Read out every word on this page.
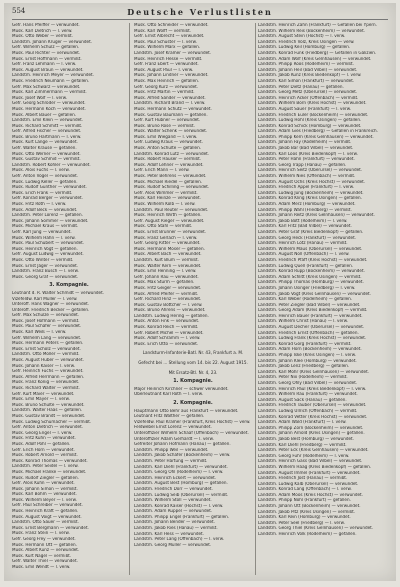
554	Deutsche Verlustlisten
Gefr. Hans Pfeiffer — verwundet.
Musk. Karl Dietrich — l. verw.
Musk. Otto Weber — vermißt.
Landstm. Johann Krüger — verwundet.
Gefr. Wilhelm Schulz — gefallen.
Musk. Paul Richter — verwundet.
Musk. Ernst Hoffmann — vermißt.
Gefr. Franz Lehmann — l. verw.
Musk. August Braun — verwundet.
Landstm. Heinrich Meyer — verwundet.
Musk. Friedrich Neumann — gefallen.
Gefr. Max Schwarz — verwundet.
Musk. Karl Zimmermann — vermißt.
Musk. Josef Wolf — l. verw.
Gefr. Georg Schröder — verwundet.
Musk. Hermann Koch — verwundet.
Musk. Albert Bauer — gefallen.
Landstm. Emil Klein — verwundet.
Musk. Richard Schmitt — vermißt.
Gefr. Alfred Fischer — verwundet.
Musk. Bruno Hartmann — l. verw.
Musk. Kurt Lange — verwundet.
Gefr. Walter Krause — gefallen.
Musk. Otto Werner — verwundet.
Musk. Gustav Schmid — vermißt.
Landstm. Robert Köhler — verwundet.
Musk. Alois Fuchs — l. verw.
Gefr. Anton Vogel — verwundet.
Musk. Ludwig Keller — gefallen.
Musk. Rudolf Günther — verwundet.
Musk. Erich Frank — vermißt.
Gefr. Konrad Berger — verwundet.
Musk. Fritz Roth — l. verw.
Musk. Adolf Beck — verwundet.
Landstm. Peter Lorenz — gefallen.
Musk. Johann Sommer — verwundet.
Musk. Michael Kraus — vermißt.
Gefr. Karl Jung — verwundet.
Musk. Wilhelm Hahn — l. verw.
Musk. Paul Schubert — verwundet.
Musk. Heinrich Vogt — gefallen.
Gefr. August Ludwig — verwundet.
Musk. Otto Winter — vermißt.
Musk. Ernst Jäger — verwundet.
Landstm. Franz Busch — l. verw.
Musk. Georg Graf — verwundet.
3. Kompagnie.
Leutnant d. R. Walter Schmidt — verwundet.
Vizefeldw. Karl Müller — l. verw.
Unteroff. Hans Wagner — verwundet.
Unteroff. Friedrich Becker — gefallen.
Gefr. Max Schulze — verwundet.
Musk. Josef Hofmann — vermißt.
Musk. Paul Schäfer — verwundet.
Musk. Karl Weiß — l. verw.
Gefr. Wilhelm Lang — verwundet.
Musk. Hermann Peters — gefallen.
Musk. Ernst Scholz — verwundet.
Landstm. Otto Möller — vermißt.
Musk. August Huber — verwundet.
Musk. Johann Kaiser — l. verw.
Gefr. Heinrich Fuchs — verwundet.
Musk. Alfred Herrmann — gefallen.
Musk. Franz König — verwundet.
Musk. Richard Walter — vermißt.
Gefr. Kurt Maier — verwundet.
Musk. Emil Mayer — l. verw.
Musk. Bruno Schulte — verwundet.
Landstm. Walter Haas — gefallen.
Musk. Gustav Brandt — verwundet.
Musk. Ludwig Schumacher — vermißt.
Gefr. Anton Dietrich — verwundet.
Musk. Georg Engel — l. verw.
Musk. Fritz Kühn — verwundet.
Musk. Adolf Pohl — gefallen.
Gefr. Erich Horn — verwundet.
Musk. Robert Arnold — vermißt.
Musk. Konrad Thomas — verwundet.
Landstm. Peter Seidel — l. verw.
Musk. Michael Franke — verwundet.
Musk. Rudolf Ziegler — gefallen.
Gefr. Alois Kuhn — verwundet.
Musk. Johann Simon — vermißt.
Musk. Karl Böhm — verwundet.
Musk. Wilhelm Beyer — l. verw.
Gefr. Paul Schreiber — verwundet.
Musk. Heinrich Kraft — gefallen.
Musk. August Voigt — verwundet.
Landstm. Otto Sauer — vermißt.
Musk. Ernst Bergmann — verwundet.
Musk. Franz Stein — l. verw.
Gefr. Georg Frey — verwundet.
Musk. Hermann Ott — gefallen.
Musk. Albert Kunz — verwundet.
Musk. Kurt Nagel — vermißt.
Gefr. Walter Thiel — verwundet.
Musk. Emil Wendt — l. verw.
Musk. Otto Schneider — verwundet.
Musk. Karl Wolff — vermißt.
Gefr. Ernst Albrecht — verwundet.
Musk. Paul Schuster — l. verw.
Musk. Wilhelm Marx — gefallen.
Landstm. Josef Kramer — verwundet.
Musk. Heinrich Hesse — vermißt.
Gefr. Franz Ebert — verwundet.
Musk. August Paul — l. verw.
Musk. Johann Lindner — verwundet.
Musk. Max Heinrich — gefallen.
Gefr. Georg Kurz — verwundet.
Musk. Fritz Martin — vermißt.
Musk. Alfred Sander — verwundet.
Landstm. Richard Brand — l. verw.
Musk. Hermann Schütz — verwundet.
Musk. Gustav Baumann — gefallen.
Gefr. Kurt Hübner — verwundet.
Musk. Bruno Rose — vermißt.
Musk. Walter Schenk — verwundet.
Musk. Emil Wiegand — l. verw.
Gefr. Ludwig Kraus — verwundet.
Musk. Anton Schulte — gefallen.
Landstm. Konrad Lutz — verwundet.
Musk. Robert Hauser — vermißt.
Musk. Adolf Lehner — verwundet.
Gefr. Erich Mann — l. verw.
Musk. Peter Behrens — verwundet.
Musk. Michael Riedel — gefallen.
Musk. Rudolf Schilling — verwundet.
Gefr. Alois Wimmer — vermißt.
Musk. Karl Heinze — verwundet.
Musk. Wilhelm Kolb — l. verw.
Landstm. Paul Reuter — verwundet.
Musk. Heinrich Wirth — gefallen.
Gefr. August Rieger — verwundet.
Musk. Otto Stahl — vermißt.
Musk. Ernst Brunner — verwundet.
Musk. Franz Gerlach — l. verw.
Gefr. Georg Ritter — verwundet.
Musk. Hermann Moser — gefallen.
Musk. Albert Bach — verwundet.
Landstm. Kurt Blum — vermißt.
Musk. Walter Kern — verwundet.
Musk. Emil Henning — l. verw.
Gefr. Johann Rau — verwundet.
Musk. Max Sturm — gefallen.
Musk. Fritz Geiger — verwundet.
Musk. Alfred Pfeifer — vermißt.
Gefr. Richard Hinz — verwundet.
Musk. Gustav Böttcher — l. verw.
Musk. Bruno Ahrens — verwundet.
Landstm. Ludwig Hering — gefallen.
Musk. Anton Fink — verwundet.
Musk. Konrad Reich — vermißt.
Gefr. Robert Michel — verwundet.
Musk. Adolf Schramm — l. verw.
Musk. Erich Otto — verwundet.
Landsturm-Infanterie-Batl. Nr. 43, Frankfurt a. M.
Gefecht bei ... Stellung vom 14. bis 22. August 1915.
Mit Ersatz-Btl. Nr. 4, 23.
1. Kompagnie.
Major Heinrich Kirchner — schwer verwundet.
Oberleutnant Karl Roth — l. verw.
2. Kompagnie.
Hauptmann Otto Behr aus Frankfurt — verwundet.
Leutnant Fritz Walther — gefallen.
Vizefeldw. Paul Krämer (Frankfurt, Kreis Höchst) — verw.
Feldwebel Ernst Lorenz — verwundet.
Unteroffizier Wilhelm Schaaf (Offenbach) — verwundet.
Unteroffizier Adam Gerhardt — l. verw.
Gefreiter Johann Hofmann (Hanau) — gefallen.
Landstm. Philipp Weil — verwundet.
Landstm. Jakob Schäfer (Bockenheim) — verw.
Landstm. Peter Hartung — vermißt.
Landstm. Karl Diehl (Frankfurt) — verwundet.
Landstm. Georg Ohl (Rödelheim) — l. verw.
Landstm. Heinrich Eckert — verwundet.
Landstm. August Best (Homburg) — gefallen.
Landstm. Friedrich Dörr — verwundet.
Landstm. Ludwig Seib (Oberursel) — vermißt.
Landstm. Wilhelm Stoll — verwundet.
Landstm. Konrad Kaiser (Höchst) — l. verw.
Landstm. Adam Ruppel — verwundet.
Landstm. Philipp Engel (Frankfurt) — gefallen.
Landstm. Johann Bender — verwundet.
Landstm. Jakob Ries (Hanau) — vermißt.
Landstm. Karl Hess — verwundet.
Landstm. Peter Lang (Offenbach) — l. verw.
Landstm. Georg Müller — verwundet.
Landstm. Heinrich Zahn (Frankfurt) — Gefallen bei Ypern.
Landstm. Wilhelm Reis (Bockenheim) — verwundet.
Landstm. August Stein (Höchst) — l. verw.
Landstm. Friedrich Volz, Kreis Usingen — verw.
Landstm. Ludwig Keil (Homburg) — gefallen.
Landstm. Konrad Funk (Friedberg) — Gefallen in Galizien.
Landstm. Adam Wolf (Kreis Gelnhausen) — verwundet.
Landstm. Philipp Roos (Rödelheim) — vermißt.
Landstm. Johann Heil (Bad Vilbel) — verwundet.
Landstm. Jakob Kunz (Kreis Biedenkopf) — l. verw.
Landstm. Karl Simon (Frankfurt) — verwundet.
Landstm. Peter Dietz (Hanau) — gefallen.
Landstm. Georg Metz (Oberursel) — verwundet.
Landstm. Heinrich Acker (Offenbach) — vermißt.
Landstm. Wilhelm Born (Kreis Höchst) — verwundet.
Landstm. August Sauer (Frankfurt) — l. verw.
Landstm. Friedrich Euler (Bockenheim) — verwundet.
Landstm. Ludwig Hohl (Kreis Usingen) — gefallen.
Landstm. Konrad Schick (Homburg) — verwundet.
Landstm. Adam Gies (Friedberg) — Gefallen in Frankreich.
Landstm. Philipp Kern (Kreis Gelnhausen) — verwundet.
Landstm. Johann Fay (Rödelheim) — vermißt.
Landstm. Jakob Bär (Bad Vilbel) — verwundet.
Landstm. Karl Loos (Kreis Biedenkopf) — l. verw.
Landstm. Peter Hahn (Frankfurt) — verwundet.
Landstm. Georg Trapp (Hanau) — gefallen.
Landstm. Heinrich Seitz (Oberursel) — verwundet.
Landstm. Wilhelm Nies (Offenbach) — vermißt.
Landstm. August Ochs (Kreis Höchst) — verwundet.
Landstm. Friedrich Appel (Frankfurt) — l. verw.
Landstm. Ludwig Jung (Bockenheim) — verwundet.
Landstm. Konrad Kling (Kreis Usingen) — gefallen.
Landstm. Adam Merz (Homburg) — verwundet.
Landstm. Philipp Wahl (Friedberg) — vermißt.
Landstm. Johann Reitz (Kreis Gelnhausen) — verwundet.
Landstm. Jakob Bott (Rödelheim) — l. verw.
Landstm. Karl Fritz (Bad Vilbel) — verwundet.
Landstm. Peter Graf (Kreis Biedenkopf) — gefallen.
Landstm. Georg Heck (Frankfurt) — verwundet.
Landstm. Heinrich Lotz (Hanau) — vermißt.
Landstm. Wilhelm Maus (Oberursel) — verwundet.
Landstm. August Noll (Offenbach) — l. verw.
Landstm. Friedrich Pfaff (Kreis Höchst) — verwundet.
Landstm. Ludwig Quell (Frankfurt) — gefallen.
Landstm. Konrad Rupp (Bockenheim) — verwundet.
Landstm. Adam Schlitt (Kreis Usingen) — vermißt.
Landstm. Philipp Thomas (Homburg) — verwundet.
Landstm. Johann Usinger (Friedberg) — l. verw.
Landstm. Jakob Vogt (Kreis Gelnhausen) — verwundet.
Landstm. Karl Weber (Rödelheim) — gefallen.
Landstm. Peter Ziegler (Bad Vilbel) — verwundet.
Landstm. Georg Adam (Kreis Biedenkopf) — vermißt.
Landstm. Heinrich Bauer (Frankfurt) — verwundet.
Landstm. Wilhelm Christ (Hanau) — l. verw.
Landstm. August Decher (Oberursel) — verwundet.
Landstm. Friedrich Ernst (Offenbach) — gefallen.
Landstm. Ludwig Frank (Kreis Höchst) — verwundet.
Landstm. Konrad Görg (Frankfurt) — vermißt.
Landstm. Adam Horn (Bockenheim) — verwundet.
Landstm. Philipp Iske (Kreis Usingen) — l. verw.
Landstm. Johann Klee (Homburg) — verwundet.
Landstm. Jakob Lenz (Friedberg) — gefallen.
Landstm. Karl Mohr (Kreis Gelnhausen) — verwundet.
Landstm. Peter Nix (Rödelheim) — vermißt.
Landstm. Georg Ohly (Bad Vilbel) — verwundet.
Landstm. Heinrich Paul (Kreis Biedenkopf) — l. verw.
Landstm. Wilhelm Rau (Frankfurt) — verwundet.
Landstm. August Sack (Hanau) — gefallen.
Landstm. Friedrich Tauber (Oberursel) — verwundet.
Landstm. Ludwig Ullrich (Offenbach) — vermißt.
Landstm. Konrad Vetter (Kreis Höchst) — verwundet.
Landstm. Adam Wald (Frankfurt) — l. verw.
Landstm. Philipp Zorn (Bockenheim) — verwundet.
Landstm. Johann Arnold (Kreis Usingen) — gefallen.
Landstm. Jakob Best (Homburg) — verwundet.
Landstm. Karl Diehl (Friedberg) — vermißt.
Landstm. Peter Eck (Kreis Gelnhausen) — verwundet.
Landstm. Georg Fuhr (Rödelheim) — l. verw.
Landstm. Heinrich Gass (Bad Vilbel) — verwundet.
Landstm. Wilhelm Haag (Kreis Biedenkopf) — gefallen.
Landstm. August Immel (Frankfurt) — verwundet.
Landstm. Friedrich Jost (Hanau) — vermißt.
Landstm. Ludwig Kalb (Oberursel) — verwundet.
Landstm. Konrad Lang (Offenbach) — l. verw.
Landstm. Adam Moos (Kreis Höchst) — verwundet.
Landstm. Philipp Nohl (Frankfurt) — gefallen.
Landstm. Johann Ott (Bockenheim) — verwundet.
Landstm. Jakob Pitz (Kreis Usingen) — vermißt.
Landstm. Karl Rein (Homburg) — verwundet.
Landstm. Peter Seel (Friedberg) — l. verw.
Landstm. Georg Thiel (Kreis Gelnhausen) — verwundet.
Landstm. Heinrich Volk (Rödelheim) — gefallen.
